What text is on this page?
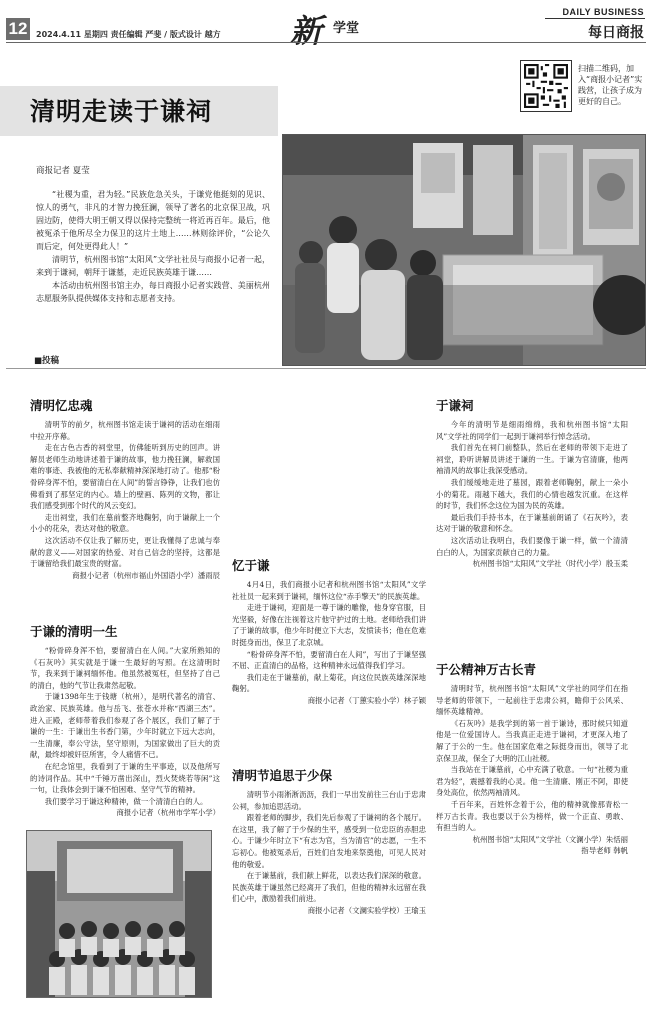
12	2024.4.11 星期四 责任编辑 严斐 / 版式设计 越方 新 学堂
DAILY BUSINESS
每日商报
扫描二维码，加入“商报小记者”实践营，让孩子成为更好的自己。
清明走读于谦祠
商报记者 夏莹

“社稷为重，君为轻。”民族危急关头，于谦党他挺刻的见识、惊人的勇气，非凡的才智力挽狂澜，领导了著名的北京保卫战，巩固边防，使得大明王朝又得以保持完整统一将近再百年。最后，他被冤杀于他所尽全力保卫的这片土地上……林则徐评价，“公论久而后定，何处更得此人！”

清明节，杭州图书馆“太阳风”文学社社员与商报小记者一起，来到于谦祠，朝拜于谦墓，走近民族英雄于谦……

本活动由杭州图书馆主办，每日商报小记者实践营、美丽杭州志愿服务队提供媒体支持和志愿者支持。

■投稿
清明忆忠魂

清明节的前夕，杭州图书馆走读于谦祠的活动在细雨中拉开序幕。

走在古色古香的祠堂里，仿佛能听到历史的回声。讲解员老师生动地讲述着于谦的故事，他力挽狂澜，解救国难的事迹、我被他的无私奉献精神深深地打动了。他那“粉骨碎身浑不怕，要留清白在人间”的誓言铮铮，让我们也仿佛看到了那坚定的内心。墙上的壁画、陈列的文物，都让我们感受到那个时代的风云变幻。

走出祠堂，我们在墓前整齐地鞠躬，向于谦献上一个小小的花朵，表达对他的敬意。

这次活动不仅让我了解历史，更让我懂得了忠诚与奉献的意义——对国家的热爱、对自己信念的坚持，这都是于谦留给我们最宝贵的财富。

商报小记者（杭州市福山外国语小学）潘雨辰
于谦的清明一生

“粉骨碎身浑不怕，要留清白在人间。”大家所熟知的《石灰吟》其实就是于谦一生最好的写照。在这清明时节，我来到于谦祠缅怀他。他虽然被冤枉，但坚持了自己的清白，他的气节让我肃然起敬。

于谦1398年生于钱塘（杭州），是明代著名的清官、政治家、民族英雄。他与岳飞、张苍水并称“西湖三杰”。进入正殿，老师带着我们参观了各个展区，我们了解了于谦的一生：于谦出生书香门第，少年时就立下远大志向，一生清廉，奉公守法，坚守原则，为国家做出了巨大的贡献，最终却被奸臣所害，令人痛惜不已。

在纪念馆里，我看到了于谦的生平事迹，以及他所写的诗词作品。其中“千锤万凿出深山，烈火焚烧若等闲”这一句，让我体会到于谦不怕困难、坚守气节的精神。

我们要学习于谦这种精神，做一个清清白白的人。

商报小记者（杭州市学军小学）
忆于谦

4月4日，我们商报小记者和杭州图书馆“太阳风”文学社社员一起来到于谦祠，缅怀这位“赤手擎天”的民族英雄。

走进于谦祠，迎面是一尊于谦的雕像，他身穿官服，目光坚毅，好像在注视着这片他守护过的土地。老师给我们讲了于谦的故事，他少年时便立下大志，发愤读书；他在危难时挺身而出，保卫了北京城。

“粉骨碎身浑不怕，要留清白在人间”，写出了于谦坚强不屈、正直清白的品格，这种精神永远值得我们学习。

我们走在于谦墓前，献上菊花，向这位民族英雄深深地鞠躬。

商报小记者（丁蕙实验小学）林子颖
清明节追思于少保

清明节小雨淅淅沥沥，我们一早出发前往三台山于忠肃公祠，参加追思活动。

跟着老师的脚步，我们先后参观了于谦祠的各个展厅。在这里，我了解了于少保的生平，感受到一位忠臣的赤胆忠心。于谦少年时立下“有志为官，当为清官”的志愿，一生不忘初心。他被冤杀后，百姓们自发地来祭奠他，可见人民对他的敬爱。

在于谦墓前，我们献上鲜花，以表达我们深深的敬意。民族英雄于谦虽然已经离开了我们，但他的精神永远留在我们心中，激励着我们前进。

商报小记者（文澜实验学校）王瑜玉
于谦祠

今年的清明节是细雨绵绵，我和杭州图书馆“太阳风”文学社的同学们一起到于谦祠举行悼念活动。

我们首先在祠门前整队，然后在老师的带领下走进了祠堂，聆听讲解员讲述于谦的一生。于谦为官清廉，他两袖清风的故事让我深受感动。

我们缓缓地走进了墓园，跟着老师鞠躬，献上一朵小小的菊花。雨越下越大，我们的心情也越发沉重。在这样的时节，我们怀念这位为国为民的英雄。

最后我们手持书本，在于谦墓前朗诵了《石灰吟》，表达对于谦的敬意和怀念。

这次活动让我明白，我们要像于谦一样，做一个清清白白的人，为国家贡献自己的力量。

杭州图书馆“太阳风”文学社（时代小学）殷玉柔
于公精神万古长青

清明时节，杭州图书馆“太阳风”文学社的同学们在指导老师的带领下，一起前往于忠肃公祠，瞻仰于公风采、缅怀英雄精神。

《石灰吟》是我学到的第一首于谦诗，那时候只知道他是一位爱国诗人。当我真正走进于谦祠，才更深入地了解了于公的一生。他在国家危难之际挺身而出，领导了北京保卫战，保全了大明的江山社稷。

当我站在于谦墓前，心中充满了敬意。一句“社稷为重君为轻”，震撼着我的心灵。他一生清廉、刚正不阿，即使身处高位，依然两袖清风。

千百年来，百姓怀念着于公，他的精神就像那青松一样万古长青。我也要以于公为榜样，做一个正直、勇敢、有担当的人。

杭州图书馆“太阳风”文学社（文澜小学）朱恬丽
指导老师 韩帆
